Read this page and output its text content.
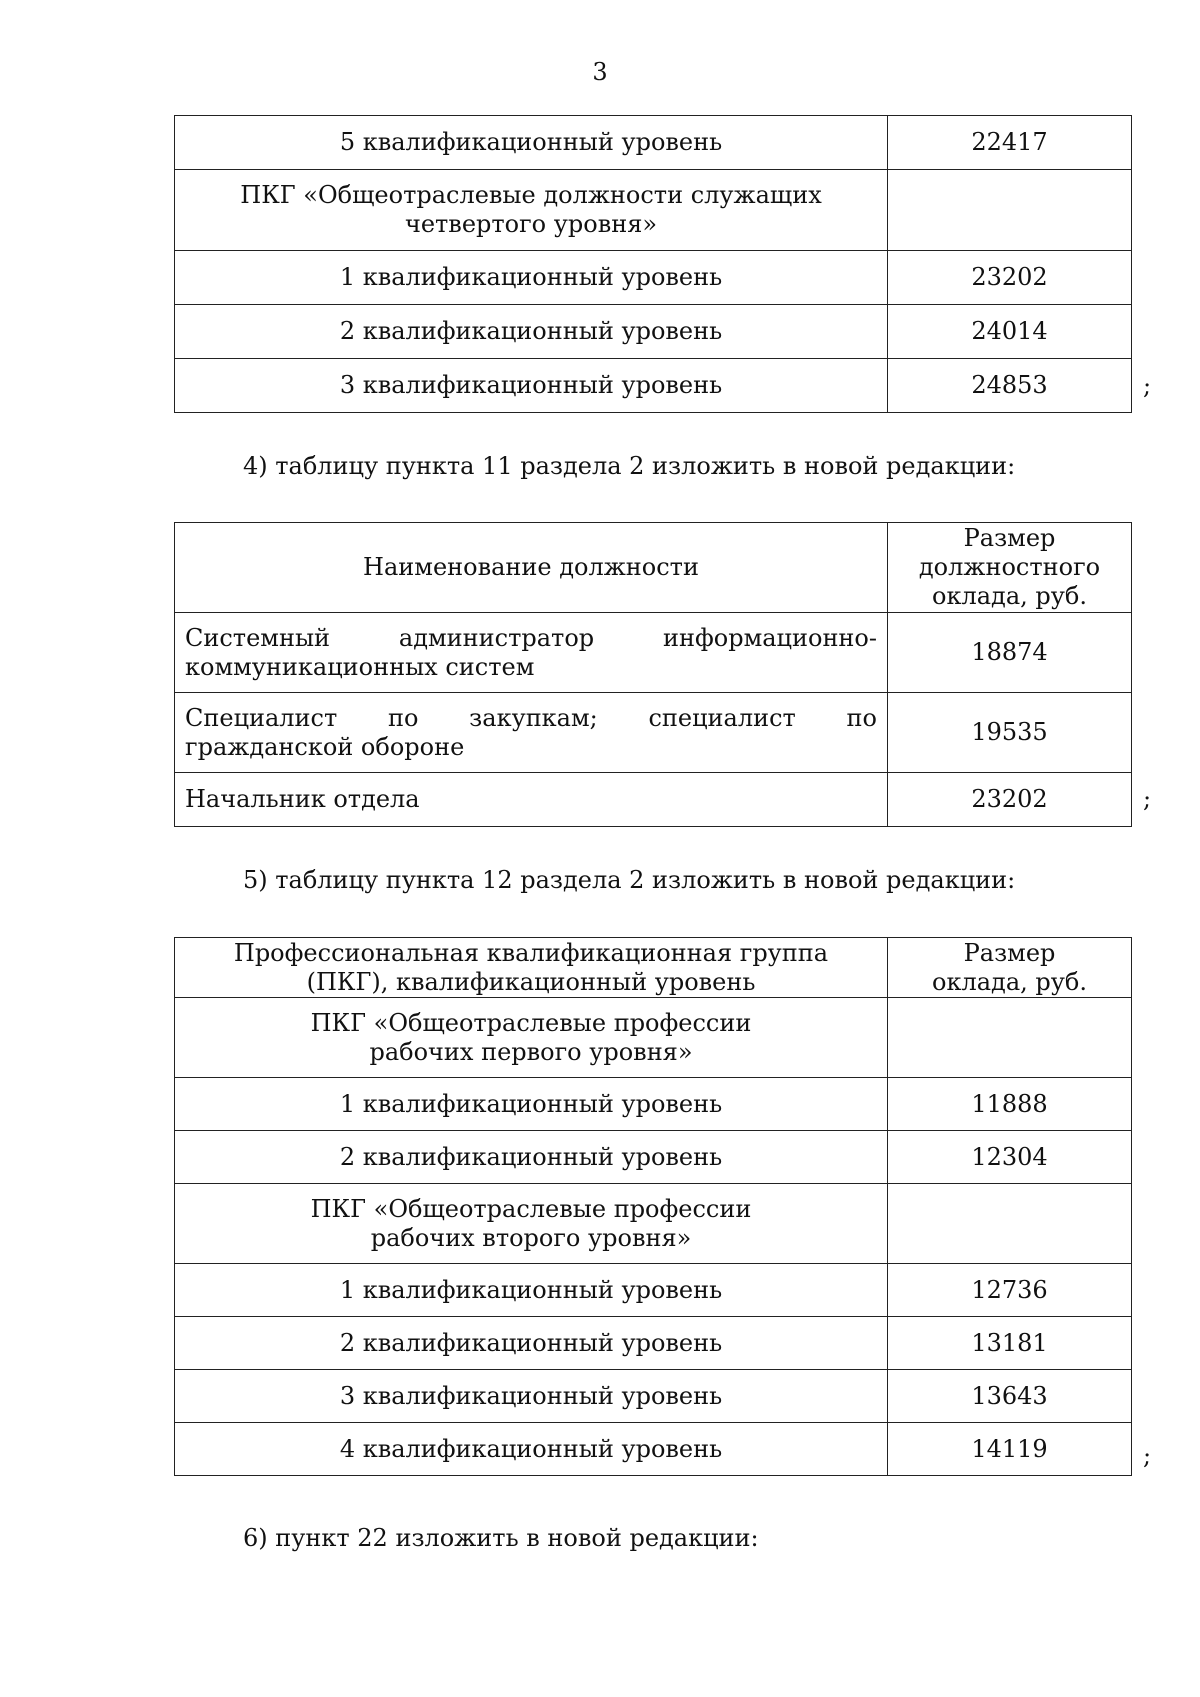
3
5 квалификационный уровень	22417
ПКГ «Общеотраслевые должности служащих четвертого уровня»	
1 квалификационный уровень	23202
2 квалификационный уровень	24014
3 квалификационный уровень	24853	;
4) таблицу пункта 11 раздела 2 изложить в новой редакции:
Наименование должности	Размер должностного оклада, руб.
Системный администратор информационно-коммуникационных систем	18874
Специалист по закупкам; специалист по гражданской обороне	19535
Начальник отдела	23202	;
5) таблицу пункта 12 раздела 2 изложить в новой редакции:
Профессиональная квалификационная группа (ПКГ), квалификационный уровень	Размер оклада, руб.
ПКГ «Общеотраслевые профессии рабочих первого уровня»	
1 квалификационный уровень	11888
2 квалификационный уровень	12304
ПКГ «Общеотраслевые профессии рабочих второго уровня»	
1 квалификационный уровень	12736
2 квалификационный уровень	13181
3 квалификационный уровень	13643
4 квалификационный уровень	14119	;
6) пункт 22 изложить в новой редакции:
